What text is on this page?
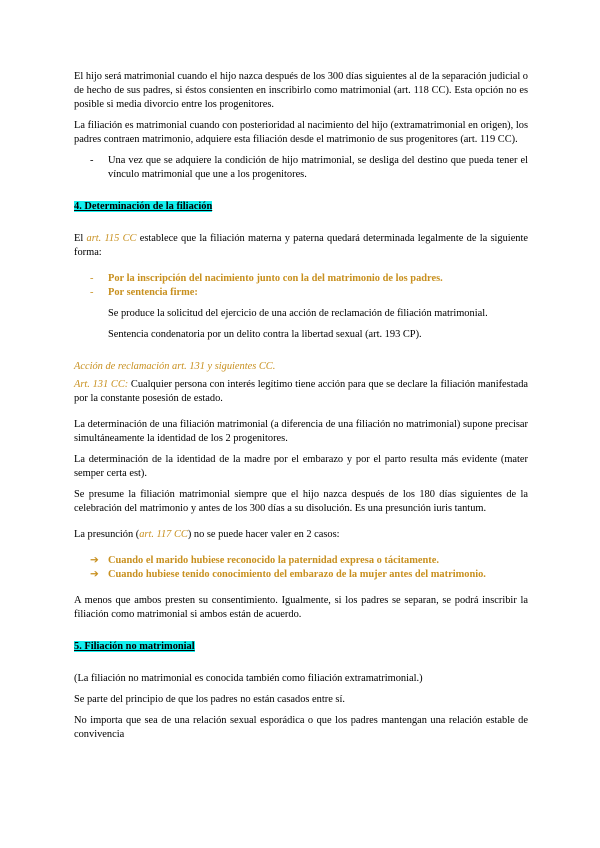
El hijo será matrimonial cuando el hijo nazca después de los 300 días siguientes al de la separación judicial o de hecho de sus padres, si éstos consienten en inscribirlo como matrimonial (art. 118 CC). Esta opción no es posible si media divorcio entre los progenitores.

La filiación es matrimonial cuando con posterioridad al nacimiento del hijo (extramatrimonial en origen), los padres contraen matrimonio, adquiere esta filiación desde el matrimonio de sus progenitores (art. 119 CC).

-	Una vez que se adquiere la condición de hijo matrimonial, se desliga del destino que pueda tener el vínculo matrimonial que une a los progenitores.
4. Determinación de la filiación

El art. 115 CC establece que la filiación materna y paterna quedará determinada legalmente de la siguiente forma:

-	Por la inscripción del nacimiento junto con la del matrimonio de los padres.
-	Por sentencia firme:

Se produce la solicitud del ejercicio de una acción de reclamación de filiación matrimonial.

Sentencia condenatoria por un delito contra la libertad sexual (art. 193 CP).

Acción de reclamación art. 131 y siguientes CC.

Art. 131 CC: Cualquier persona con interés legítimo tiene acción para que se declare la filiación manifestada por la constante posesión de estado.

La determinación de una filiación matrimonial (a diferencia de una filiación no matrimonial) supone precisar simultáneamente la identidad de los 2 progenitores.

La determinación de la identidad de la madre por el embarazo y por el parto resulta más evidente (mater semper certa est).

Se presume la filiación matrimonial siempre que el hijo nazca después de los 180 días siguientes de la celebración del matrimonio y antes de los 300 días a su disolución. Es una presunción iuris tantum.

La presunción (art. 117 CC) no se puede hacer valer en 2 casos:

➔ Cuando el marido hubiese reconocido la paternidad expresa o tácitamente.
➔ Cuando hubiese tenido conocimiento del embarazo de la mujer antes del matrimonio.

A menos que ambos presten su consentimiento. Igualmente, si los padres se separan, se podrá inscribir la filiación como matrimonial si ambos están de acuerdo.

5. Filiación no matrimonial

(La filiación no matrimonial es conocida también como filiación extramatrimonial.)

Se parte del principio de que los padres no están casados entre sí.

No importa que sea de una relación sexual esporádica o que los padres mantengan una relación estable de convivencia
